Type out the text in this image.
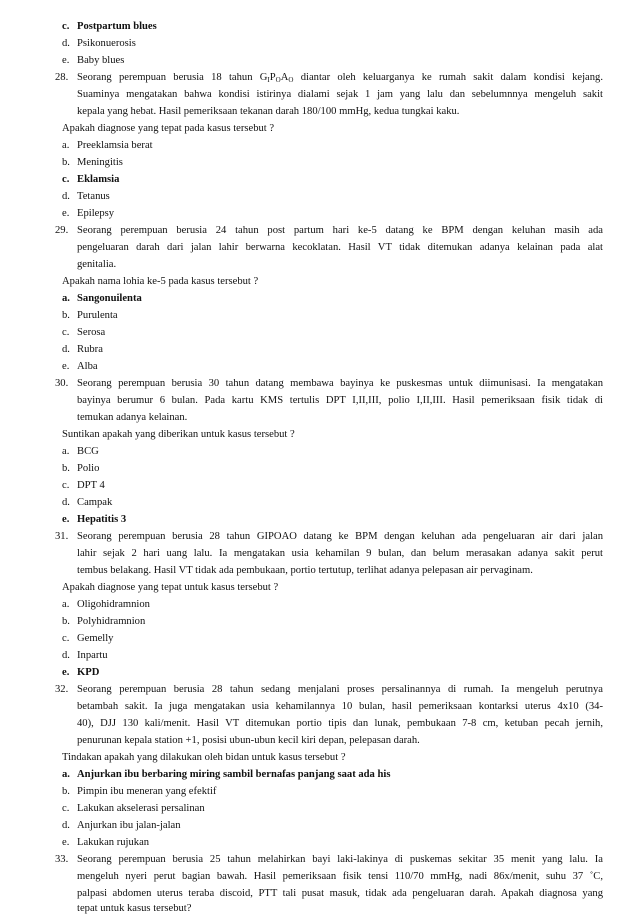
c. Postpartum blues
d. Psikonuerosis
e. Baby blues
28. Seorang perempuan berusia 18 tahun $G_IP_OA_O$ diantar oleh keluarganya ke rumah sakit dalam kondisi kejang.
Suaminya mengatakan bahwa kondisi istirinya dialami sejak 1 jam yang lalu dan sebelumnnya mengeluh sakit
kepala yang hebat. Hasil pemeriksaan tekanan darah 180/100 mmHg, kedua tungkai kaku.
Apakah diagnose yang tepat pada kasus tersebut ?
a. Preeklamsia berat
b. Meningitis
c. Eklamsia
d. Tetanus
e. Epilepsy
29. Seorang perempuan berusia 24 tahun post partum hari ke-5 datang ke BPM dengan keluhan masih ada
pengeluaran darah dari jalan lahir berwarna kecoklatan. Hasil VT tidak ditemukan adanya kelainan pada alat
genitalia.
Apakah nama lohia ke-5 pada kasus tersebut ?
a. Sangonuilenta
b. Purulenta
c. Serosa
d. Rubra
e. Alba
30. Seorang perempuan berusia 30 tahun datang membawa bayinya ke puskesmas untuk diimunisasi. Ia mengatakan
bayinya berumur 6 bulan. Pada kartu KMS tertulis DPT I,II,III, polio I,II,III. Hasil pemeriksaan fisik tidak di
temukan adanya kelainan.
Suntikan apakah yang diberikan untuk kasus tersebut ?
a. BCG
b. Polio
c. DPT 4
d. Campak
e. Hepatitis 3
31. Seorang perempuan berusia 28 tahun GIPOAO datang ke BPM dengan keluhan ada pengeluaran air dari jalan
lahir sejak 2 hari uang lalu. Ia mengatakan usia kehamilan 9 bulan, dan belum merasakan adanya sakit perut
tembus belakang. Hasil VT tidak ada pembukaan, portio tertutup, terlihat adanya pelepasan air pervaginam.
Apakah diagnose yang tepat untuk kasus tersebut ?
a. Oligohidramnion
b. Polyhidramnion
c. Gemelly
d. Inpartu
e. KPD
32. Seorang perempuan berusia 28 tahun sedang menjalani proses persalinannya di rumah. Ia mengeluh perutnya
betambah sakit. Ia juga mengatakan usia kehamilannya 10 bulan, hasil pemeriksaan kontarksi uterus 4x10 (34-
40), DJJ 130 kali/menit. Hasil VT ditemukan portio tipis dan lunak, pembukaan 7-8 cm, ketuban pecah jernih,
penurunan kepala station +1, posisi ubun-ubun kecil kiri depan, pelepasan darah.
Tindakan apakah yang dilakukan oleh bidan untuk kasus tersebut ?
a. Anjurkan ibu berbaring miring sambil bernafas panjang saat ada his
b. Pimpin ibu meneran yang efektif
c. Lakukan akselerasi persalinan
d. Anjurkan ibu jalan-jalan
e. Lakukan rujukan
33. Seorang perempuan berusia 25 tahun melahirkan bayi laki-lakinya di puskemas sekitar 35 menit yang lalu. Ia
mengeluh nyeri perut bagian bawah. Hasil pemeriksaan fisik tensi 110/70 mmHg, nadi 86x/menit, suhu 37 ˚C,
palpasi abdomen uterus teraba discoid, PTT tali pusat masuk, tidak ada pengeluaran darah. Apakah diagnosa yang
tepat untuk kasus tersebut?
